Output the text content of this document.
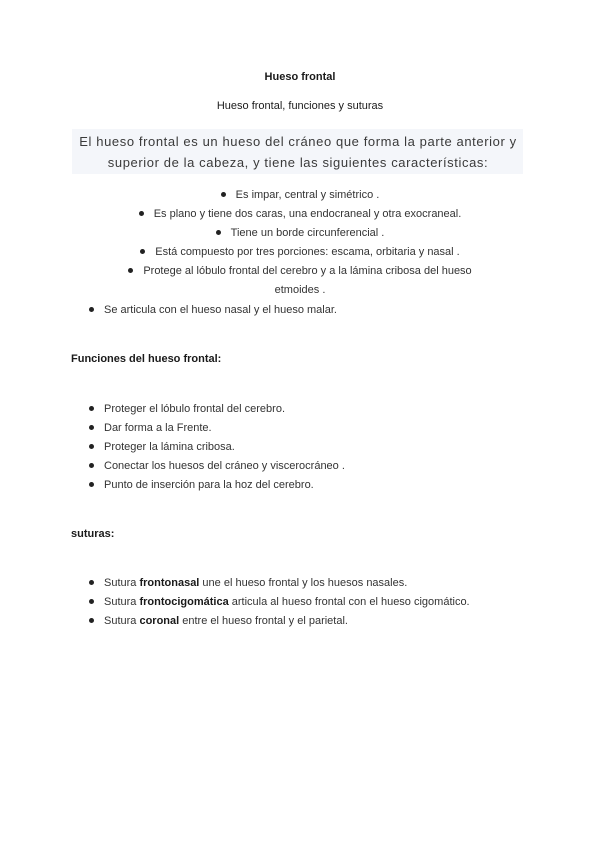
Hueso frontal
Hueso frontal, funciones y suturas
El hueso frontal es un hueso del cráneo que forma la parte anterior y superior de la cabeza, y tiene las siguientes características:
Es impar, central y simétrico .
Es plano y tiene dos caras, una endocraneal y otra exocraneal.
Tiene un borde circunferencial .
Está compuesto por tres porciones: escama, orbitaria y nasal .
Protege al lóbulo frontal del cerebro y a la lámina cribosa del hueso etmoides .
Se articula con el hueso nasal y el hueso malar.
Funciones del hueso frontal:
Proteger el lóbulo frontal del cerebro.
Dar forma a la Frente.
Proteger la lámina cribosa.
Conectar los huesos del cráneo y viscerocráneo .
Punto de inserción para la hoz del cerebro.
suturas:
Sutura frontonasal une el hueso frontal y los huesos nasales.
Sutura frontocigomática articula al hueso frontal con el hueso cigomático.
Sutura coronal entre el hueso frontal y el parietal.
